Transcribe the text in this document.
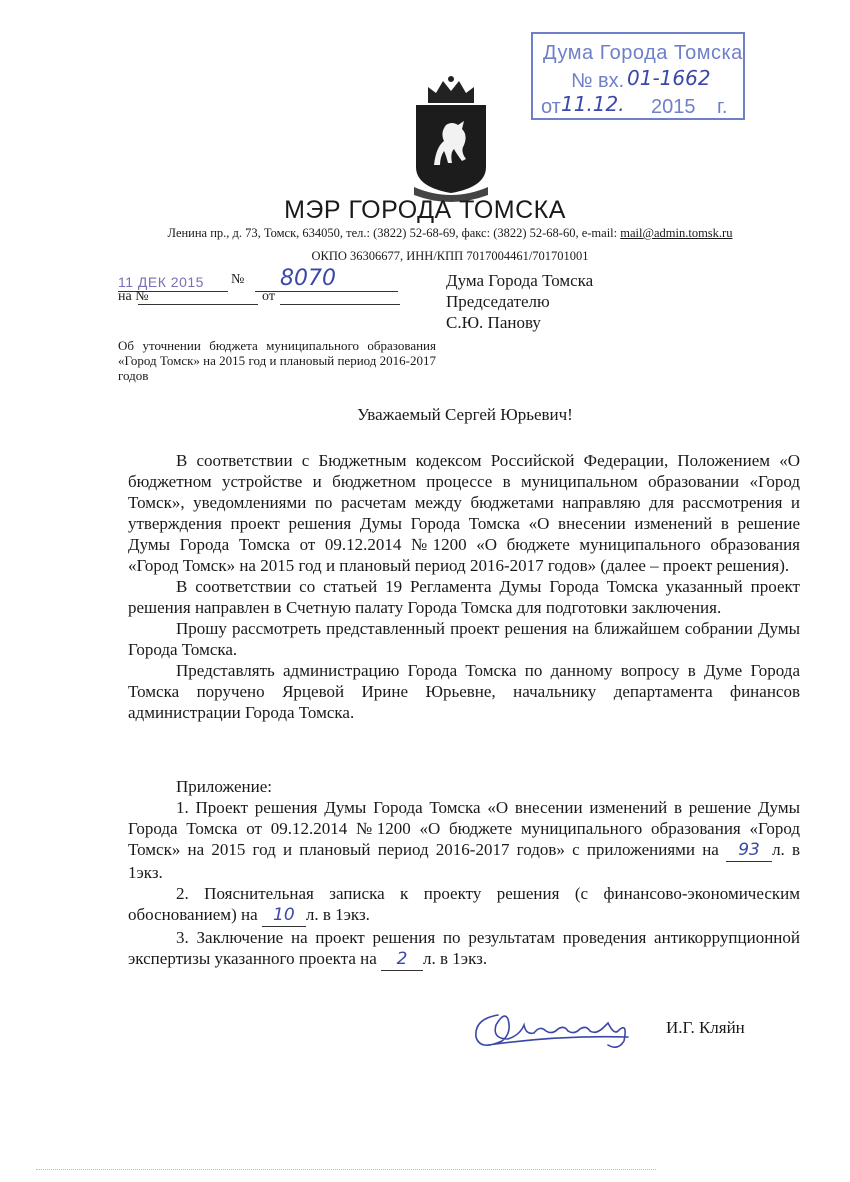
Дума Города Томска
№ вх. 01-1662
от 11.12. 2015 г.
МЭР ГОРОДА ТОМСКА
Ленина пр., д. 73, Томск, 634050, тел.: (3822) 52-68-69, факс: (3822) 52-68-60, e-mail: mail@admin.tomsk.ru
ОКПО 36306677, ИНН/КПП 7017004461/701701001
11 ДЕК 2015 № 8070
на №	от
Дума Города Томска
Председателю
С.Ю. Панову
Об уточнении бюджета муниципального образования «Город Томск» на 2015 год и плановый период 2016-2017 годов
Уважаемый Сергей Юрьевич!
В соответствии с Бюджетным кодексом Российской Федерации, Положением «О бюджетном устройстве и бюджетном процессе в муниципальном образовании «Город Томск», уведомлениями по расчетам между бюджетами направляю для рассмотрения и утверждения проект решения Думы Города Томска «О внесении изменений в решение Думы Города Томска от 09.12.2014 №1200 «О бюджете муниципального образования «Город Томск» на 2015 год и плановый период 2016-2017 годов» (далее – проект решения).
В соответствии со статьей 19 Регламента Думы Города Томска указанный проект решения направлен в Счетную палату Города Томска для подготовки заключения.
Прошу рассмотреть представленный проект решения на ближайшем собрании Думы Города Томска.
Представлять администрацию Города Томска по данному вопросу в Думе Города Томска поручено Ярцевой Ирине Юрьевне, начальнику департамента финансов администрации Города Томска.
Приложение:
1. Проект решения Думы Города Томска «О внесении изменений в решение Думы Города Томска от 09.12.2014 №1200 «О бюджете муниципального образования «Город Томск» на 2015 год и плановый период 2016-2017 годов» с приложениями на 93 л. в 1экз.
2. Пояснительная записка к проекту решения (с финансово-экономическим обоснованием) на 10 л. в 1экз.
3. Заключение на проект решения по результатам проведения антикоррупционной экспертизы указанного проекта на 2 л. в 1экз.
И.Г. Кляйн
